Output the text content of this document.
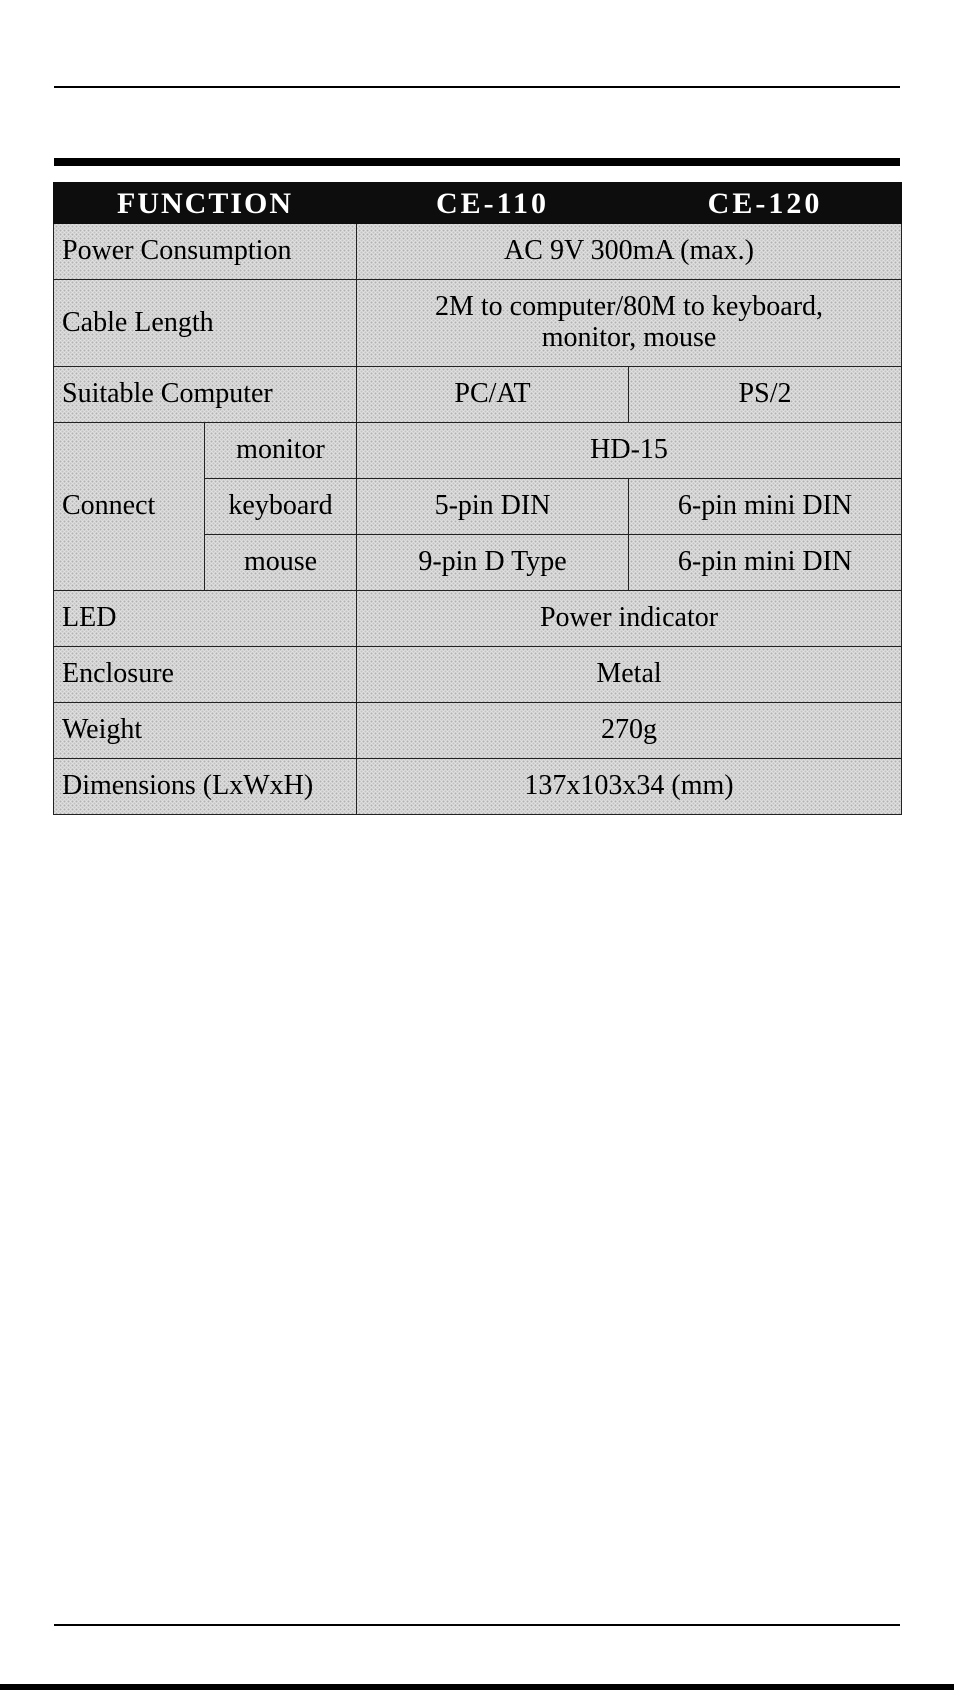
FUNCTION		CE-110	CE-120
Power Consumption		AC 9V 300mA (max.)	
Cable Length		2M to computer/80M to keyboard,
monitor, mouse	
Suitable Computer		PC/AT	PS/2
Connect	monitor	HD-15	
	keyboard	5-pin DIN	6-pin mini DIN
	mouse	9-pin D Type	6-pin mini DIN
LED		Power indicator	
Enclosure		Metal	
Weight		270g	
Dimensions (LxWxH)		137x103x34 (mm)	
